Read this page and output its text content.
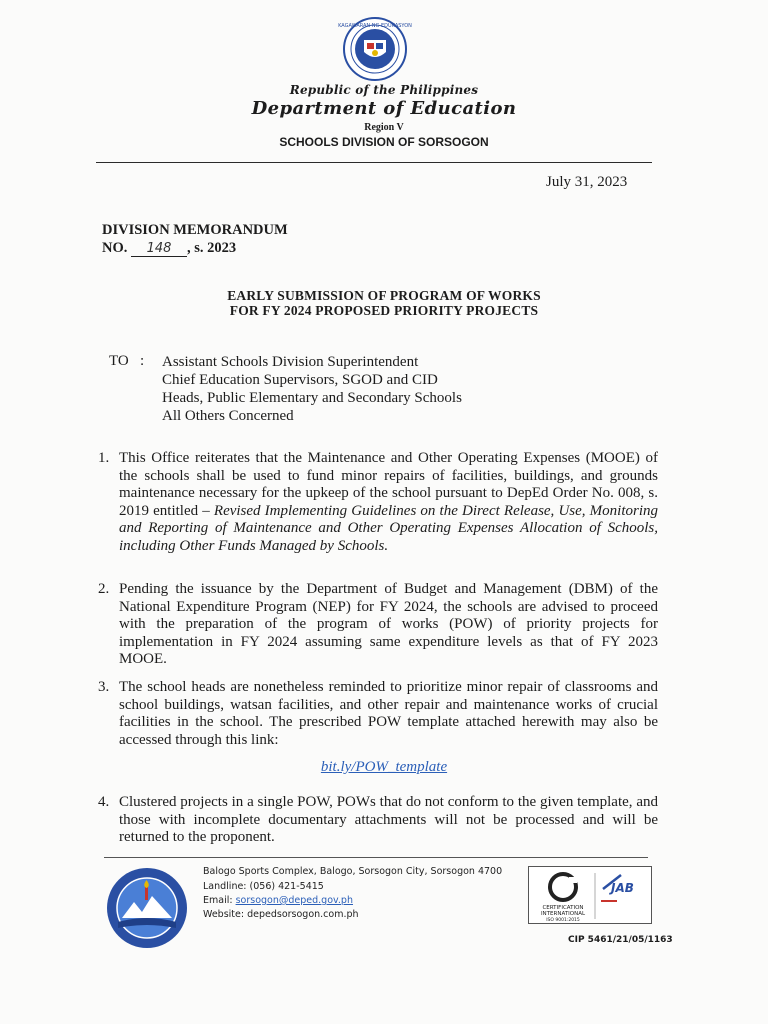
KAGAWARAN NG EDUKASYON
Republic of the Philippines
Department of Education
Region V
SCHOOLS DIVISION OF SORSOGON
July 31, 2023
DIVISION MEMORANDUM
NO. 148 , s. 2023
EARLY SUBMISSION OF PROGRAM OF WORKS
FOR FY 2024 PROPOSED PRIORITY PROJECTS
TO   : Assistant Schools Division Superintendent
Chief Education Supervisors, SGOD and CID
Heads, Public Elementary and Secondary Schools
All Others Concerned
1. This Office reiterates that the Maintenance and Other Operating Expenses (MOOE) of the schools shall be used to fund minor repairs of facilities, buildings, and grounds maintenance necessary for the upkeep of the school pursuant to DepEd Order No. 008, s. 2019 entitled – Revised Implementing Guidelines on the Direct Release, Use, Monitoring and Reporting of Maintenance and Other Operating Expenses Allocation of Schools, including Other Funds Managed by Schools.
2. Pending the issuance by the Department of Budget and Management (DBM) of the National Expenditure Program (NEP) for FY 2024, the schools are advised to proceed with the preparation of the program of works (POW) of priority projects for implementation in FY 2024 assuming same expenditure levels as that of FY 2023 MOOE.
3. The school heads are nonetheless reminded to prioritize minor repair of classrooms and school buildings, watsan facilities, and other repair and maintenance works of crucial facilities in the school. The prescribed POW template attached herewith may also be accessed through this link:
bit.ly/POW_template
4. Clustered projects in a single POW, POWs that do not conform to the given template, and those with incomplete documentary attachments will not be processed and will be returned to the proponent.
Balogo Sports Complex, Balogo, Sorsogon City, Sorsogon 4700
Landline: (056) 421-5415
Email: sorsogon@deped.gov.ph
Website: depedsorsogon.com.ph
CERTIFICATION INTERNATIONAL
ISO 9001:2015
JAB
CIP 5461/21/05/1163
